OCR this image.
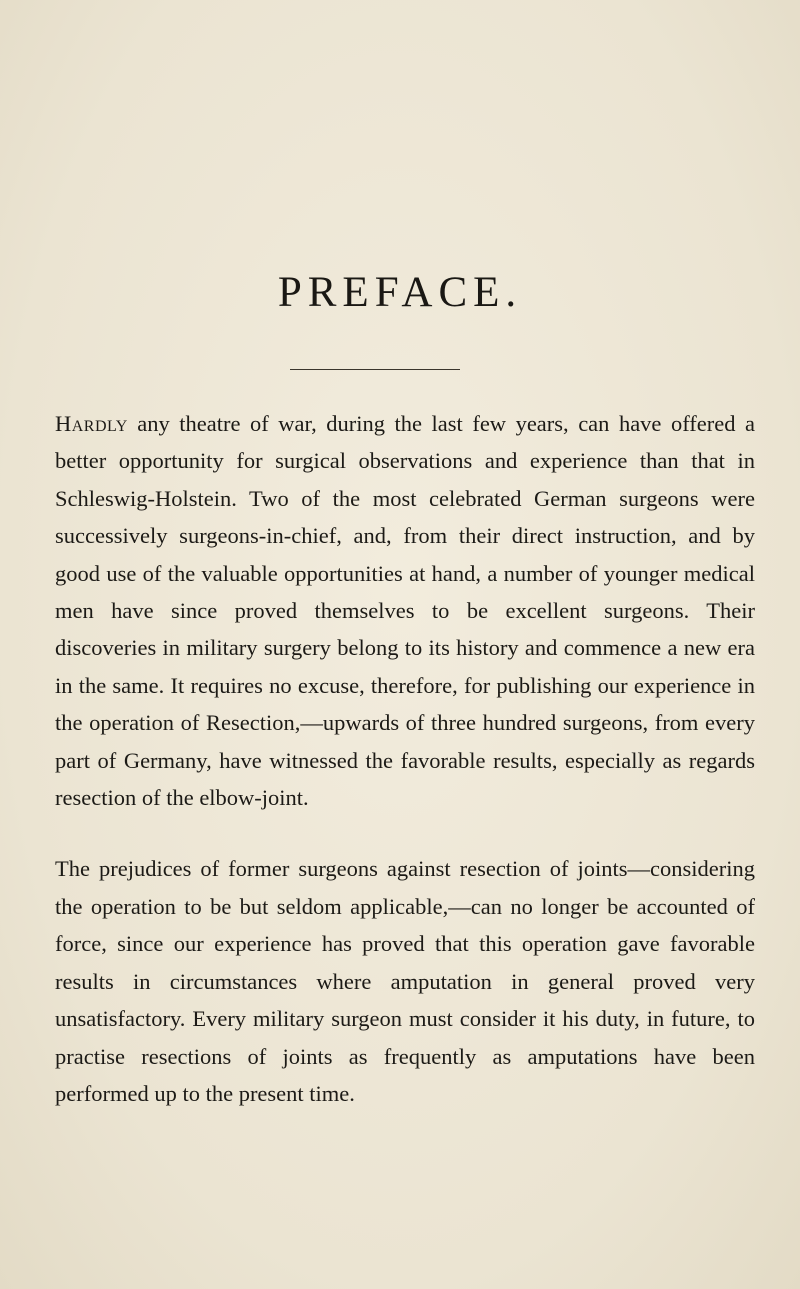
PREFACE.

Hardly any theatre of war, during the last few years, can have offered a better opportunity for surgical observations and experience than that in Schleswig-Holstein. Two of the most celebrated German surgeons were successively surgeons-in-chief, and, from their direct instruction, and by good use of the valuable opportunities at hand, a number of younger medical men have since proved themselves to be excellent surgeons. Their discoveries in military surgery belong to its history and commence a new era in the same. It requires no excuse, therefore, for publishing our experience in the operation of Resection,—upwards of three hundred surgeons, from every part of Germany, have witnessed the favorable results, especially as regards resection of the elbow-joint.

The prejudices of former surgeons against resection of joints—considering the operation to be but seldom applicable,—can no longer be accounted of force, since our experience has proved that this operation gave favorable results in circumstances where amputation in general proved very unsatisfactory. Every military surgeon must consider it his duty, in future, to practise resections of joints as frequently as amputations have been performed up to the present time.
